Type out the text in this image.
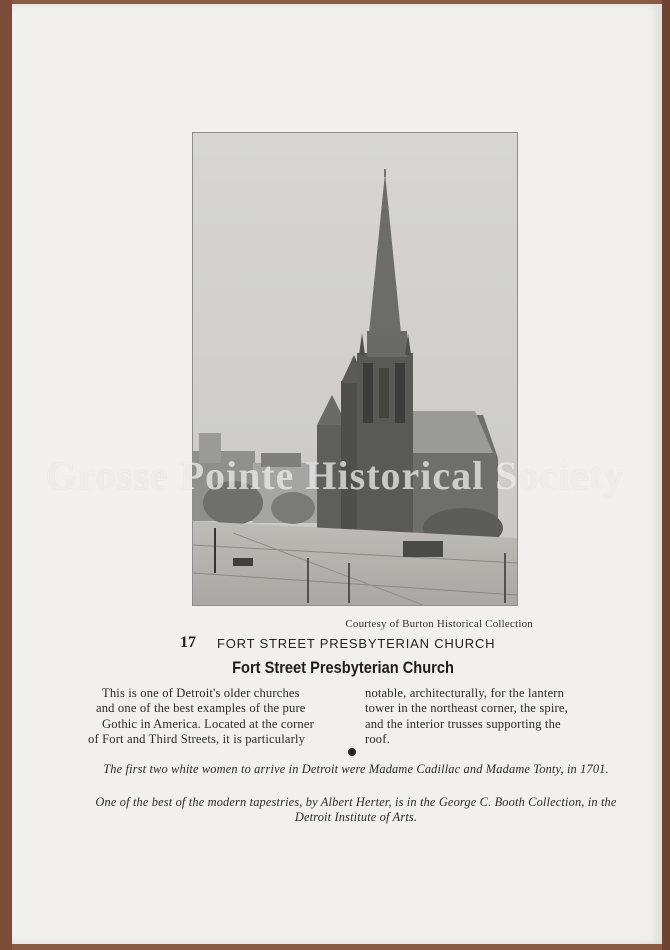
Courtesy of Burton Historical Collection
17 FORT STREET PRESBYTERIAN CHURCH
Fort Street Presbyterian Church

This is one of Detroit's older churches

and one of the best examples of the pure

Gothic in America. Located at the corner

of Fort and Third Streets, it is particularly

notable, architecturally, for the lantern

tower in the northeast corner, the spire,

and the interior trusses supporting the

roof.

The first two white women to arrive in Detroit were Madame Cadillac and Madame Tonty, in 1701.
One of the best of the modern tapestries, by Albert Herter, is in the George C. Booth Collection, in the Detroit Institute of Arts.
Grosse Pointe Historical Society
